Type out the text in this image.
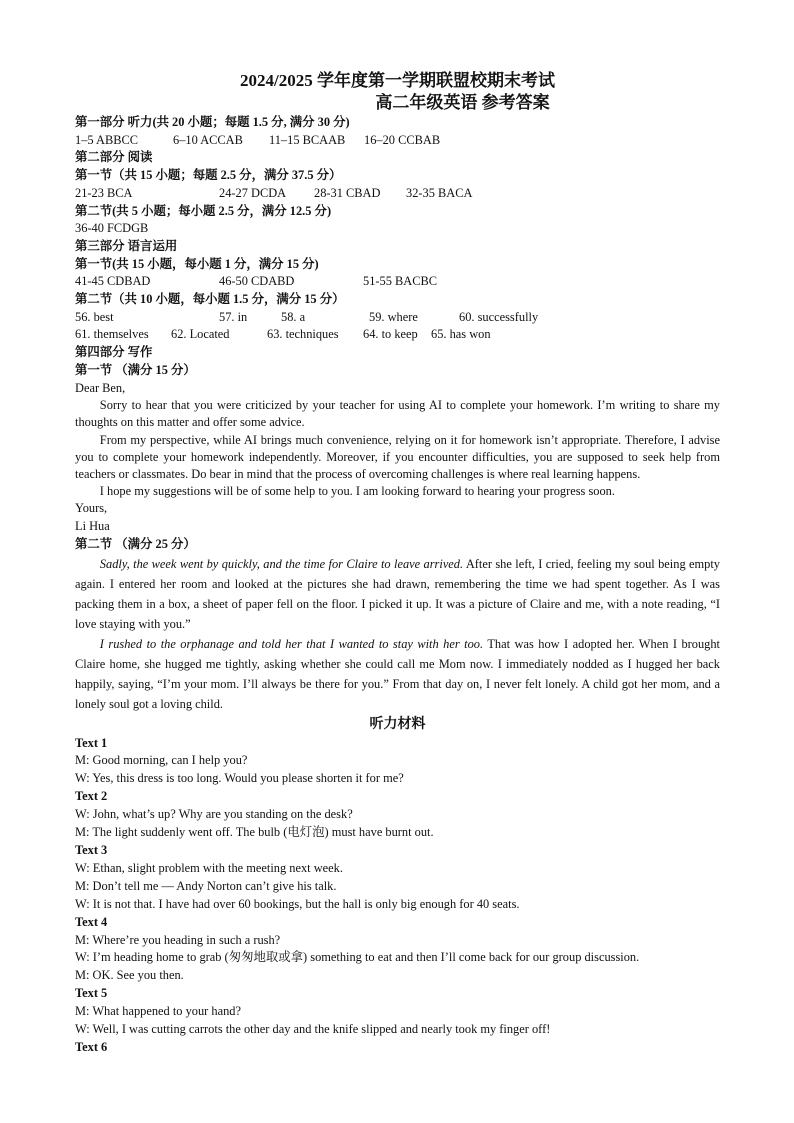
2024/2025 学年度第一学期联盟校期末考试
高二年级英语 参考答案
第一部分 听力(共 20 小题；每题 1.5 分, 满分 30 分)
1–5 ABBCC	6–10 ACCAB 11–15 BCAAB 16–20 CCBAB
第二部分 阅读
第一节（共 15 小题；每题 2.5 分，满分 37.5 分）
21-23 BCA	24-27 DCDA 28-31 CBAD 32-35 BACA
第二节(共 5 小题；每小题 2.5 分，满分 12.5 分)
36-40 FCDGB
第三部分 语言运用
第一节(共 15 小题，每小题 1 分，满分 15 分)
41-45 CDBAD	46-50 CDABD	51-55 BACBC
第二节（共 10 小题，每小题 1.5 分，满分 15 分）
56. best	57. in	58. a	59. where	60. successfully
61. themselves 62. Located	63. techniques 64. to keep 65. has won
第四部分 写作
第一节 （满分 15 分）
Dear Ben,
Sorry to hear that you were criticized by your teacher for using AI to complete your homework. I’m writing to share my thoughts on this matter and offer some advice.
From my perspective, while AI brings much convenience, relying on it for homework isn’t appropriate. Therefore, I advise you to complete your homework independently. Moreover, if you encounter difficulties, you are supposed to seek help from teachers or classmates. Do bear in mind that the process of overcoming challenges is where real learning happens.
I hope my suggestions will be of some help to you. I am looking forward to hearing your progress soon.
Yours,
Li Hua
第二节 （满分 25 分）
Sadly, the week went by quickly, and the time for Claire to leave arrived. After she left, I cried, feeling my soul being empty again. I entered her room and looked at the pictures she had drawn, remembering the time we had spent together. As I was packing them in a box, a sheet of paper fell on the floor. I picked it up. It was a picture of Claire and me, with a note reading, “I love staying with you.”
I rushed to the orphanage and told her that I wanted to stay with her too. That was how I adopted her. When I brought Claire home, she hugged me tightly, asking whether she could call me Mom now. I immediately nodded as I hugged her back happily, saying, “I’m your mom. I’ll always be there for you.” From that day on, I never felt lonely. A child got her mom, and a lonely soul got a loving child.
听力材料
Text 1
M: Good morning, can I help you?
W: Yes, this dress is too long. Would you please shorten it for me?
Text 2
W: John, what’s up? Why are you standing on the desk?
M: The light suddenly went off. The bulb (电灯泡) must have burnt out.
Text 3
W: Ethan, slight problem with the meeting next week.
M: Don’t tell me — Andy Norton can’t give his talk.
W: It is not that. I have had over 60 bookings, but the hall is only big enough for 40 seats.
Text 4
M: Where’re you heading in such a rush?
W: I’m heading home to grab (匆匆地取或拿) something to eat and then I’ll come back for our group discussion.
M: OK. See you then.
Text 5
M: What happened to your hand?
W: Well, I was cutting carrots the other day and the knife slipped and nearly took my finger off!
Text 6
